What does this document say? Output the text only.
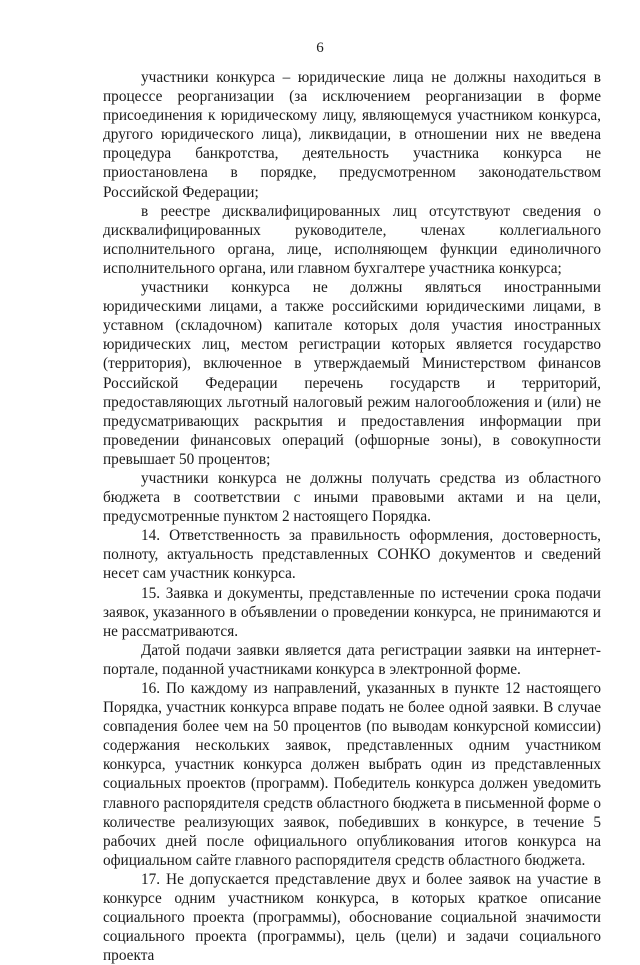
6

участники конкурса – юридические лица не должны находиться в процессе реорганизации (за исключением реорганизации в форме присоединения к юридическому лицу, являющемуся участником конкурса, другого юридического лица), ликвидации, в отношении них не введена процедура банкротства, деятельность участника конкурса не приостановлена в порядке, предусмотренном законодательством Российской Федерации;

в реестре дисквалифицированных лиц отсутствуют сведения о дисквалифицированных руководителе, членах коллегиального исполнительного органа, лице, исполняющем функции единоличного исполнительного органа, или главном бухгалтере участника конкурса;

участники конкурса не должны являться иностранными юридическими лицами, а также российскими юридическими лицами, в уставном (складочном) капитале которых доля участия иностранных юридических лиц, местом регистрации которых является государство (территория), включенное в утверждаемый Министерством финансов Российской Федерации перечень государств и территорий, предоставляющих льготный налоговый режим налогообложения и (или) не предусматривающих раскрытия и предоставления информации при проведении финансовых операций (офшорные зоны), в совокупности превышает 50 процентов;

участники конкурса не должны получать средства из областного бюджета в соответствии с иными правовыми актами и на цели, предусмотренные пунктом 2 настоящего Порядка.

14. Ответственность за правильность оформления, достоверность, полноту, актуальность представленных СОНКО документов и сведений несет сам участник конкурса.

15. Заявка и документы, представленные по истечении срока подачи заявок, указанного в объявлении о проведении конкурса, не принимаются и не рассматриваются.

Датой подачи заявки является дата регистрации заявки на интернет-портале, поданной участниками конкурса в электронной форме.

16. По каждому из направлений, указанных в пункте 12 настоящего Порядка, участник конкурса вправе подать не более одной заявки. В случае совпадения более чем на 50 процентов (по выводам конкурсной комиссии) содержания нескольких заявок, представленных одним участником конкурса, участник конкурса должен выбрать один из представленных социальных проектов (программ). Победитель конкурса должен уведомить главного распорядителя средств областного бюджета в письменной форме о количестве реализующих заявок, победивших в конкурсе, в течение 5 рабочих дней после официального опубликования итогов конкурса на официальном сайте главного распорядителя средств областного бюджета.

17. Не допускается представление двух и более заявок на участие в конкурсе одним участником конкурса, в которых краткое описание социального проекта (программы), обоснование социальной значимости социального проекта (программы), цель (цели) и задачи социального проекта
